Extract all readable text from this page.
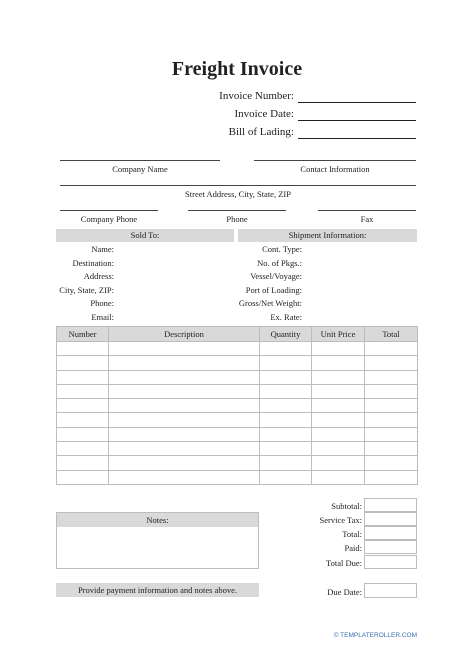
Freight Invoice
Invoice Number:
Invoice Date:
Bill of Lading:
Company Name	Contact Information
Street Address, City, State, ZIP
Company Phone	Phone	Fax
Sold To:	Shipment Information:
Name:
Destination:
Address:
City, State, ZIP:
Phone:
Email:
Cont. Type:
No. of Pkgs.:
Vessel/Voyage:
Port of Loading:
Gross/Net Weight:
Ex. Rate:
Number	Description	Quantity	Unit Price	Total

Subtotal:
Service Tax:
Total:
Paid:
Total Due:
Notes:
Provide payment information and notes above.	Due Date:
© TEMPLATEROLLER.COM
